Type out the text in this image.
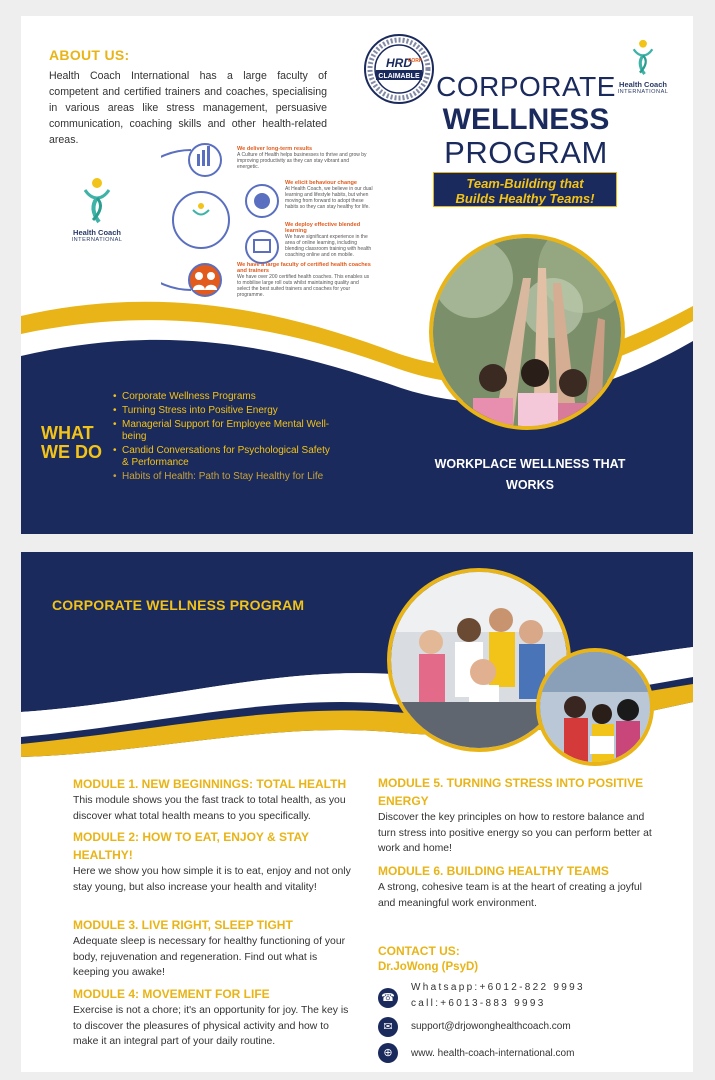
ABOUT US:
Health Coach International has a large faculty of competent and certified trainers and coaches, specialising in various areas like stress management, persuasive communication, coaching skills and other health-related areas.
Health Coach
INTERNATIONAL
We deliver long-term results
A Culture of Health helps businesses to thrive and grow by improving productivity as they can stay vibrant and energetic.
We elicit behaviour change
At Health Coach, we believe in our dual learning and lifestyle habits, but when moving from forward to adopt these habits so they can stay healthy for life.
We deploy effective blended learning
We have significant experience in the area of online learning, including blending classroom training with health coaching online and on mobile.
We have a large faculty of certified health coaches and trainers
We have over 200 certified health coaches. This enables us to mobilise large roll outs whilst maintaining quality and select the best suited trainers and coaches for your programme.
HRD
CORP
CLAIMABLE
Health Coach
INTERNATIONAL
CORPORATE
WELLNESS
PROGRAM
Team-Building that
Builds Healthy Teams!
WHAT
WE DO
• Corporate Wellness Programs
• Turning Stress into Positive Energy
• Managerial Support for Employee Mental Well-being
• Candid Conversations for Psychological Safety & Performance
• Habits of Health: Path to Stay Healthy for Life
WORKPLACE WELLNESS THAT
WORKS
CORPORATE WELLNESS PROGRAM
MODULE 1. NEW BEGINNINGS: TOTAL HEALTH
This module shows you the fast track to total health, as you discover what total health means to you specifically.
MODULE 2: HOW TO EAT, ENJOY & STAY HEALTHY!
Here we show you how simple it is to eat, enjoy and not only stay young, but also increase your health and vitality!
MODULE 3. LIVE RIGHT, SLEEP TIGHT
Adequate sleep is necessary for healthy functioning of your body, rejuvenation and regeneration. Find out what is keeping you awake!
MODULE 4: MOVEMENT FOR LIFE
Exercise is not a chore; it's an opportunity for joy. The key is to discover the pleasures of physical activity and how to make it an integral part of your daily routine.
MODULE 5. TURNING STRESS INTO POSITIVE ENERGY
Discover the key principles on how to restore balance and turn stress into positive energy so you can perform better at work and home!
MODULE 6. BUILDING HEALTHY TEAMS
A strong, cohesive team is at the heart of creating a joyful and meaningful work environment.
CONTACT US:
Dr.JoWong (PsyD)
☎
Whatsapp:+6012-822 9993
call:+6013-883 9993
✉	support@drjowonghealthcoach.com
⊕	www. health-coach-international.com
